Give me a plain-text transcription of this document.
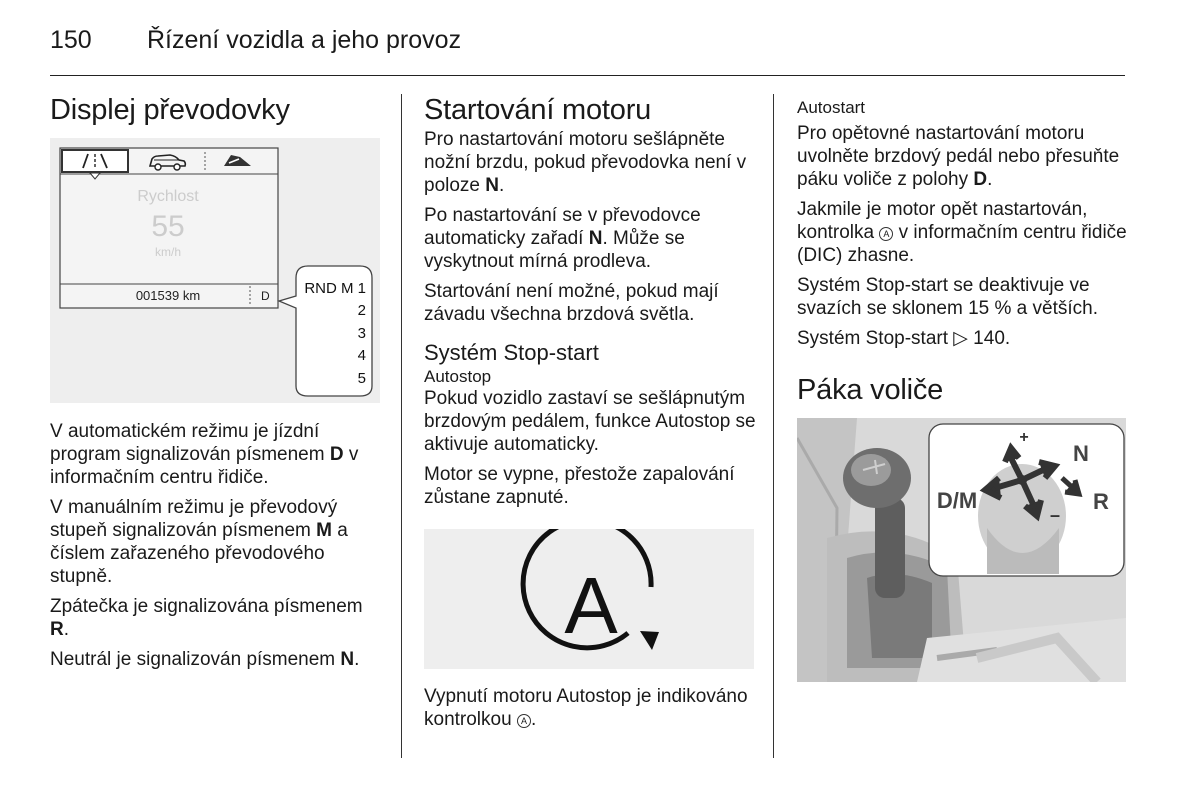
150 Řízení vozidla a jeho provoz
Displej převodovky
Rychlost
55
km/h
001539 km	D RND M 1
2
3
4
5

V automatickém režimu je jízdní program signalizován písmenem D v informačním centru řidiče.

V manuálním režimu je převodový stupeň signalizován písmenem M a číslem zařazeného převodového stupně.

Zpátečka je signalizována písmenem R.

Neutrál je signalizován písmenem N.

Startování motoru

Pro nastartování motoru sešlápněte nožní brzdu, pokud převodovka není v poloze N.

Po nastartování se v převodovce automaticky zařadí N. Může se vyskytnout mírná prodleva.

Startování není možné, pokud mají závadu všechna brzdová světla.

Systém Stop-start
Autostop

Pokud vozidlo zastaví se sešlápnutým brzdovým pedálem, funkce Autostop se aktivuje automaticky.

Motor se vypne, přestože zapalování zůstane zapnuté.

A

Vypnutí motoru Autostop je indikováno kontrolkou A .

Autostart

Pro opětovné nastartování motoru uvolněte brzdový pedál nebo přesuňte páku voliče z polohy D.

Jakmile je motor opět nastartován, kontrolka A v informačním centru řidiče (DIC) zhasne.

Systém Stop-start se deaktivuje ve svazích se sklonem 15 % a větších.

Systém Stop-start ▷ 140.

Páka voliče
+
–
D/M
N
R
